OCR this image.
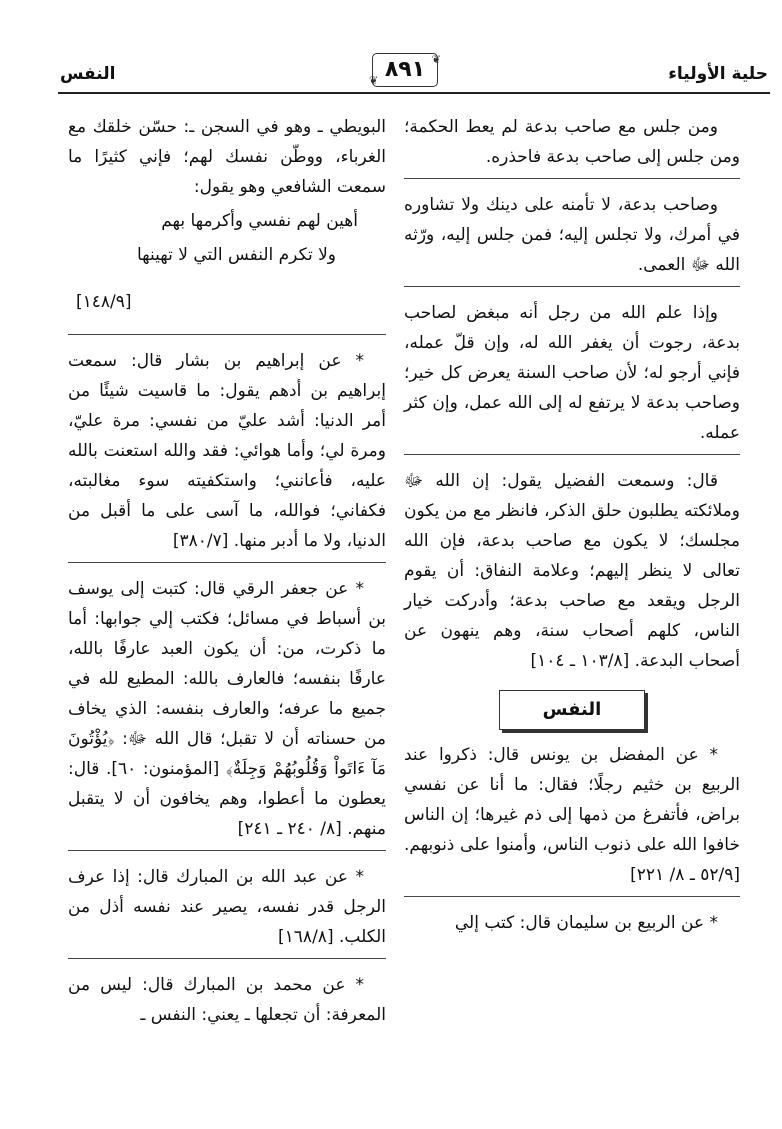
حلية الأولياء
❦ ٨٩١ ❦
النفس

ومن جلس مع صاحب بدعة لم يعط الحكمة؛ ومن جلس إلى صاحب بدعة فاحذره.

وصاحب بدعة، لا تأمنه على دينك ولا تشاوره في أمرك، ولا تجلس إليه؛ فمن جلس إليه، ورّثه الله ﷻ العمى.

وإذا علم الله من رجل أنه مبغض لصاحب بدعة، رجوت أن يغفر الله له، وإن قلّ عمله، فإني أرجو له؛ لأن صاحب السنة يعرض كل خير؛ وصاحب بدعة لا يرتفع له إلى الله عمل، وإن كثر عمله.

قال: وسمعت الفضيل يقول: إن الله ﷻ وملائكته يطلبون حلق الذكر، فانظر مع من يكون مجلسك؛ لا يكون مع صاحب بدعة، فإن الله تعالى لا ينظر إليهم؛ وعلامة النفاق: أن يقوم الرجل ويقعد مع صاحب بدعة؛ وأدركت خيار الناس، كلهم أصحاب سنة، وهم ينهون عن أصحاب البدعة. [١٠٣/٨ ـ ١٠٤]

النفس

* عن المفضل بن يونس قال: ذكروا عند الربيع بن خثيم رجلًا؛ فقال: ما أنا عن نفسي براض، فأتفرغ من ذمها إلى ذم غيرها؛ إن الناس خافوا الله على ذنوب الناس، وأمنوا على ذنوبهم. [٥٢/٩ ـ ٨/ ٢٢١]

* عن الربيع بن سليمان قال: كتب إلي

البويطي ـ وهو في السجن ـ: حسّن خلقك مع الغرباء، ووطّن نفسك لهم؛ فإني كثيرًا ما سمعت الشافعي وهو يقول:

أهين لهم نفسي وأكرمها بهم

ولا تكرم النفس التي لا تهينها

[١٤٨/٩]

* عن إبراهيم بن بشار قال: سمعت إبراهيم بن أدهم يقول: ما قاسيت شيئًا من أمر الدنيا: أشد عليّ من نفسي: مرة عليّ، ومرة لي؛ وأما هوائي: فقد والله استعنت بالله عليه، فأعانني؛ واستكفيته سوء مغالبته، فكفاني؛ فوالله، ما آسى على ما أقبل من الدنيا، ولا ما أدبر منها. [٣٨٠/٧]

* عن جعفر الرقي قال: كتبت إلى يوسف بن أسباط في مسائل؛ فكتب إلي جوابها: أما ما ذكرت، من: أن يكون العبد عارفًا بالله، عارفًا بنفسه؛ فالعارف بالله: المطيع لله في جميع ما عرفه؛ والعارف بنفسه: الذي يخاف من حسناته أن لا تقبل؛ قال الله ﷻ: ﴿يُؤْتُونَ مَآ ءَاتَواْ وَقُلُوبُهُمْ وَجِلَةٌ﴾ [المؤمنون: ٦٠]. قال: يعطون ما أعطوا، وهم يخافون أن لا يتقبل منهم. [٨/ ٢٤٠ ـ ٢٤١]

* عن عبد الله بن المبارك قال: إذا عرف الرجل قدر نفسه، يصير عند نفسه أذل من الكلب. [١٦٨/٨]

* عن محمد بن المبارك قال: ليس من المعرفة: أن تجعلها ـ يعني: النفس ـ
